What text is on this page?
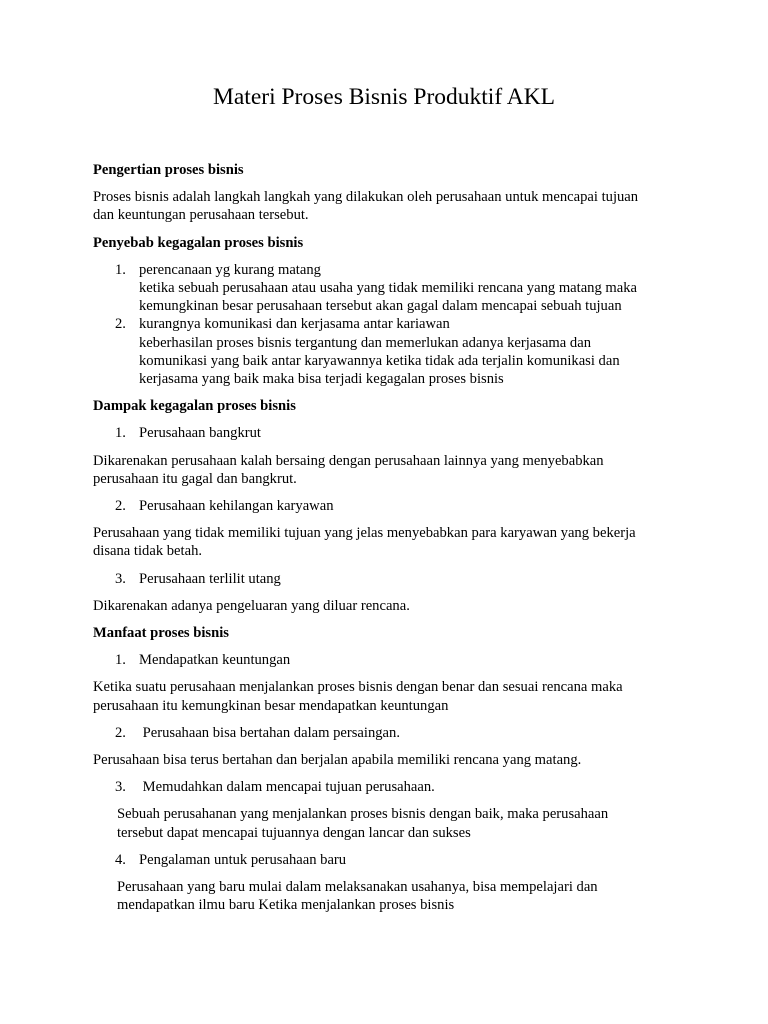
Materi Proses Bisnis Produktif AKL
Pengertian proses bisnis
Proses bisnis adalah langkah langkah yang dilakukan oleh perusahaan untuk mencapai tujuan
dan keuntungan perusahaan tersebut.
Penyebab kegagalan proses bisnis
1. perencanaan yg kurang matang
ketika sebuah perusahaan atau usaha yang tidak memiliki rencana yang matang maka
kemungkinan besar perusahaan tersebut akan gagal dalam mencapai sebuah tujuan
2. kurangnya komunikasi dan kerjasama antar kariawan
keberhasilan proses bisnis tergantung dan memerlukan adanya kerjasama dan
komunikasi yang baik antar karyawannya ketika tidak ada terjalin komunikasi dan
kerjasama yang baik maka bisa terjadi kegagalan proses bisnis
Dampak kegagalan proses bisnis
1. Perusahaan bangkrut
Dikarenakan perusahaan kalah bersaing dengan perusahaan lainnya yang menyebabkan
perusahaan itu gagal dan bangkrut.
2. Perusahaan kehilangan karyawan
Perusahaan yang tidak memiliki tujuan yang jelas menyebabkan para karyawan yang bekerja
disana tidak betah.
3. Perusahaan terlilit utang
Dikarenakan adanya pengeluaran yang diluar rencana.
Manfaat proses bisnis
1. Mendapatkan keuntungan
Ketika suatu perusahaan menjalankan proses bisnis dengan benar dan sesuai rencana maka
perusahaan itu kemungkinan besar mendapatkan keuntungan
2. Perusahaan bisa bertahan dalam persaingan.
Perusahaan bisa terus bertahan dan berjalan apabila memiliki rencana yang matang.
3. Memudahkan dalam mencapai tujuan perusahaan.
Sebuah perusahanan yang menjalankan proses bisnis dengan baik, maka perusahaan
tersebut dapat mencapai tujuannya dengan lancar dan sukses
4. Pengalaman untuk perusahaan baru
Perusahaan yang baru mulai dalam melaksanakan usahanya, bisa mempelajari dan
mendapatkan ilmu baru Ketika menjalankan proses bisnis
